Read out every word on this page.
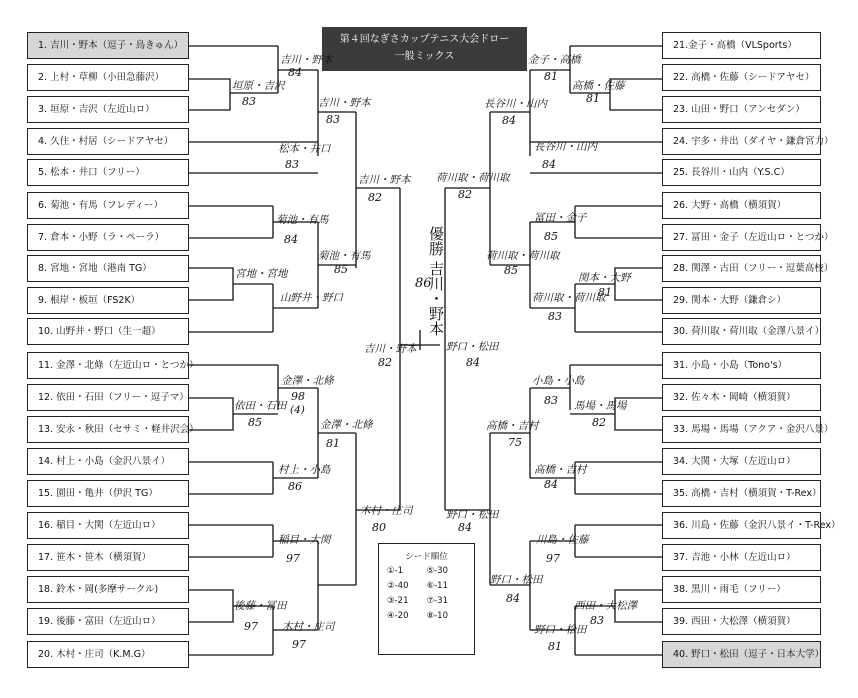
第４回なぎさカップテニス大会ドロー
一般ミックス
1. 吉川・野本（逗子・鳥きゅん）
2. 上村・草柳（小田急藤沢）
3. 垣原・吉沢（左近山ロ）
4. 久住・村居（シードアヤセ）
5. 松本・井口（フリー）
6. 菊池・有馬（フレディー）
7. 倉本・小野（ラ・ペーラ）
8. 宮地・宮地（港南 TG）
9. 根岸・板垣（FS2K）
10. 山野井・野口（生一超）
11. 金澤・北條（左近山ロ・とつか）
12. 依田・石田（フリー・逗子マ）
13. 安永・秋田（セサミ・軽井沢会）
14. 村上・小島（金沢八景イ）
15. 園田・亀井（伊沢 TG）
16. 稲目・大関（左近山ロ）
17. 笹木・笹木（横須賀）
18. 鈴木・岡(多摩サークル)
19. 後藤・富田（左近山ロ）
20. 木村・庄司（K.M.G）
21.金子・高橋（VLSports）
22. 高橋・佐藤（シードアヤセ）
23. 山田・野口（アンセダン）
24. 宇多・井出（ダイヤ・鎌倉宮力）
25. 長谷川・山内（Y.S.C）
26. 大野・高橋（横須賀）
27. 冨田・金子（左近山ロ・とつか）
28. 関澤・古田（フリー・逗葉高校）
29. 関本・大野（鎌倉シ）
30. 荷川取・荷川取（金澤八景イ）
31. 小島・小島（Tono's）
32. 佐々木・岡崎（横須賀）
33. 馬場・馬場（アクア・金沢八景）
34. 大関・大塚（左近山ロ）
35. 高橋・吉村（横須賀・T-Rex）
36. 川島・佐藤（金沢八景イ・T-Rex）
37. 吉池・小林（左近山ロ）
38. 黒川・雨毛（フリー）
39. 西田・大松澤（横須賀）
40. 野口・松田（逗子・日本大学）
吉川・野本
84
垣原・吉沢
83	吉川・野本
83
松本・井口
83
吉川・野本
82
菊池・有馬
84
宮地・宮地
菊池・有馬
85
山野井・野口
吉川・野本
82
金澤・北條
98
(4)
依田・石田
85	金澤・北條
81
村上・小島
86
木村・庄司
80
稲目・大関
97
後藤・冨田
97 木村・庄司
97
優勝 吉川・野本
86
金子・高橋
81
高橋・佐藤
81
長谷川・山内
84
長谷川・山内
84
荷川取・荷川取
82
冨田・金子
85
荷川取・荷川取
85
関本・大野
81
荷川取・荷川取
83
野口・松田
84
小島・小島
83 馬場・馬場
82
高橋・吉村
75
高橋・吉村
84
野口・松田
84
川島・佐藤
97
野口・松田
84
西田・大松澤
83
野口・松田
81
シード順位
①-1	⑤-30
②-40	⑥-11
③-21	⑦-31
④-20	⑧-10
